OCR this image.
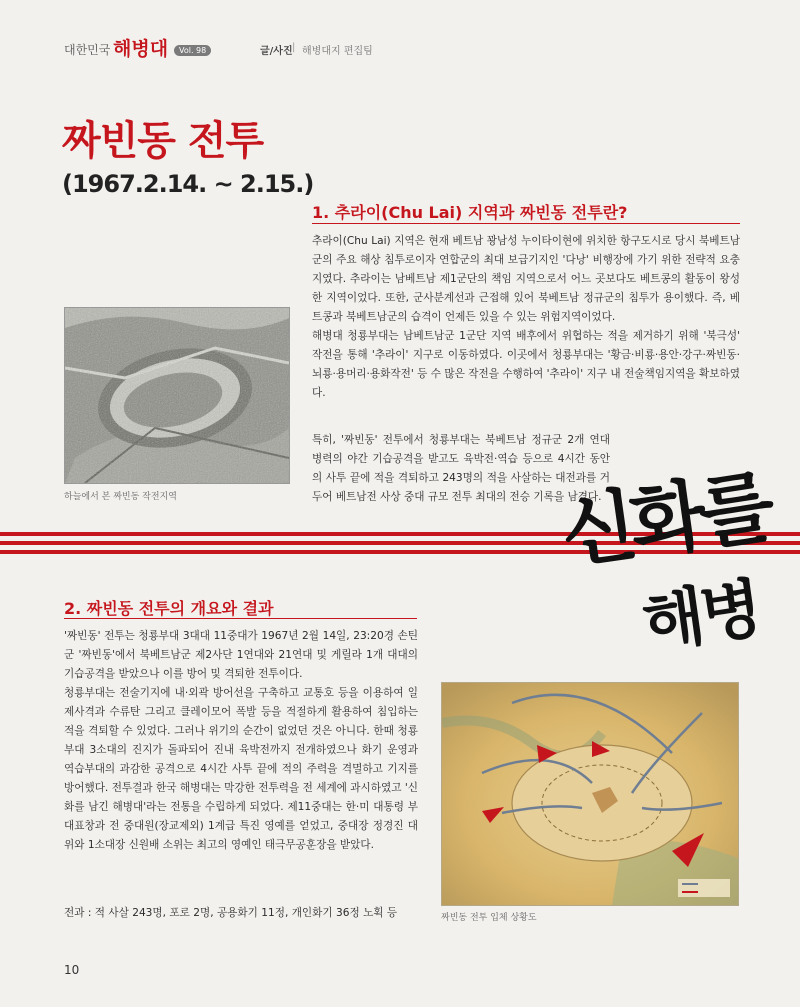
대한민국 해병대	Vol. 98	글/사진 | 해병대지 편집팀
짜빈동 전투
(1967.2.14. ~ 2.15.)
1. 추라이(Chu Lai) 지역과 짜빈동 전투란?

추라이(Chu Lai) 지역은 현재 베트남 꽝남성 누이타이현에 위치한 항구도시로 당시 북베트남군의 주요 해상 침투로이자 연합군의 최대 보급기지인 '다낭' 비행장에 가기 위한 전략적 요충지였다. 추라이는 남베트남 제1군단의 책임 지역으로서 어느 곳보다도 베트콩의 활동이 왕성한 지역이었다. 또한, 군사분계선과 근접해 있어 북베트남 정규군의 침투가 용이했다. 즉, 베트콩과 북베트남군의 습격이 언제든 있을 수 있는 위험지역이었다.

해병대 청룡부대는 남베트남군 1군단 지역 배후에서 위협하는 적을 제거하기 위해 '북극성' 작전을 통해 '추라이' 지구로 이동하였다. 이곳에서 청룡부대는 '황금·비룡·용안·강구·짜빈동·뇌룡·용머리·용화작전' 등 수 많은 작전을 수행하여 '추라이' 지구 내 전술책임지역을 확보하였다.

특히, '짜빈동' 전투에서 청룡부대는 북베트남 정규군 2개 연대 병력의 야간 기습공격을 받고도 육박전·역습 등으로 4시간 동안의 사투 끝에 적을 격퇴하고 243명의 적을 사살하는 대전과를 거두어 베트남전 사상 중대 규모 전투 최대의 전승 기록을 남겼다.

하늘에서 본 짜빈동 작전지역	신화를
해병
2. 짜빈동 전투의 개요와 결과

'짜빈동' 전투는 청룡부대 3대대 11중대가 1967년 2월 14일, 23:20경 손틴군 '짜빈동'에서 북베트남군 제2사단 1연대와 21연대 및 게릴라 1개 대대의 기습공격을 받았으나 이를 방어 및 격퇴한 전투이다.

청룡부대는 전술기지에 내·외곽 방어선을 구축하고 교통호 등을 이용하여 일제사격과 수류탄 그리고 클레이모어 폭발 등을 적절하게 활용하여 침입하는 적을 격퇴할 수 있었다. 그러나 위기의 순간이 없었던 것은 아니다. 한때 청룡부대 3소대의 진지가 돌파되어 진내 육박전까지 전개하였으나 화기 운영과 역습부대의 과감한 공격으로 4시간 사투 끝에 적의 주력을 격멸하고 기지를 방어했다. 전투결과 한국 해병대는 막강한 전투력을 전 세계에 과시하였고 '신화를 남긴 해병대'라는 전통을 수립하게 되었다. 제11중대는 한·미 대통령 부대표창과 전 중대원(장교제외) 1계급 특진 영예를 얻었고, 중대장 정경진 대위와 1소대장 신원배 소위는 최고의 영예인 태극무공훈장을 받았다.

전과 : 적 사살 243명, 포로 2명, 공용화기 11정, 개인화기 36정 노획 등	짜빈동 전투 입체 상황도
10
